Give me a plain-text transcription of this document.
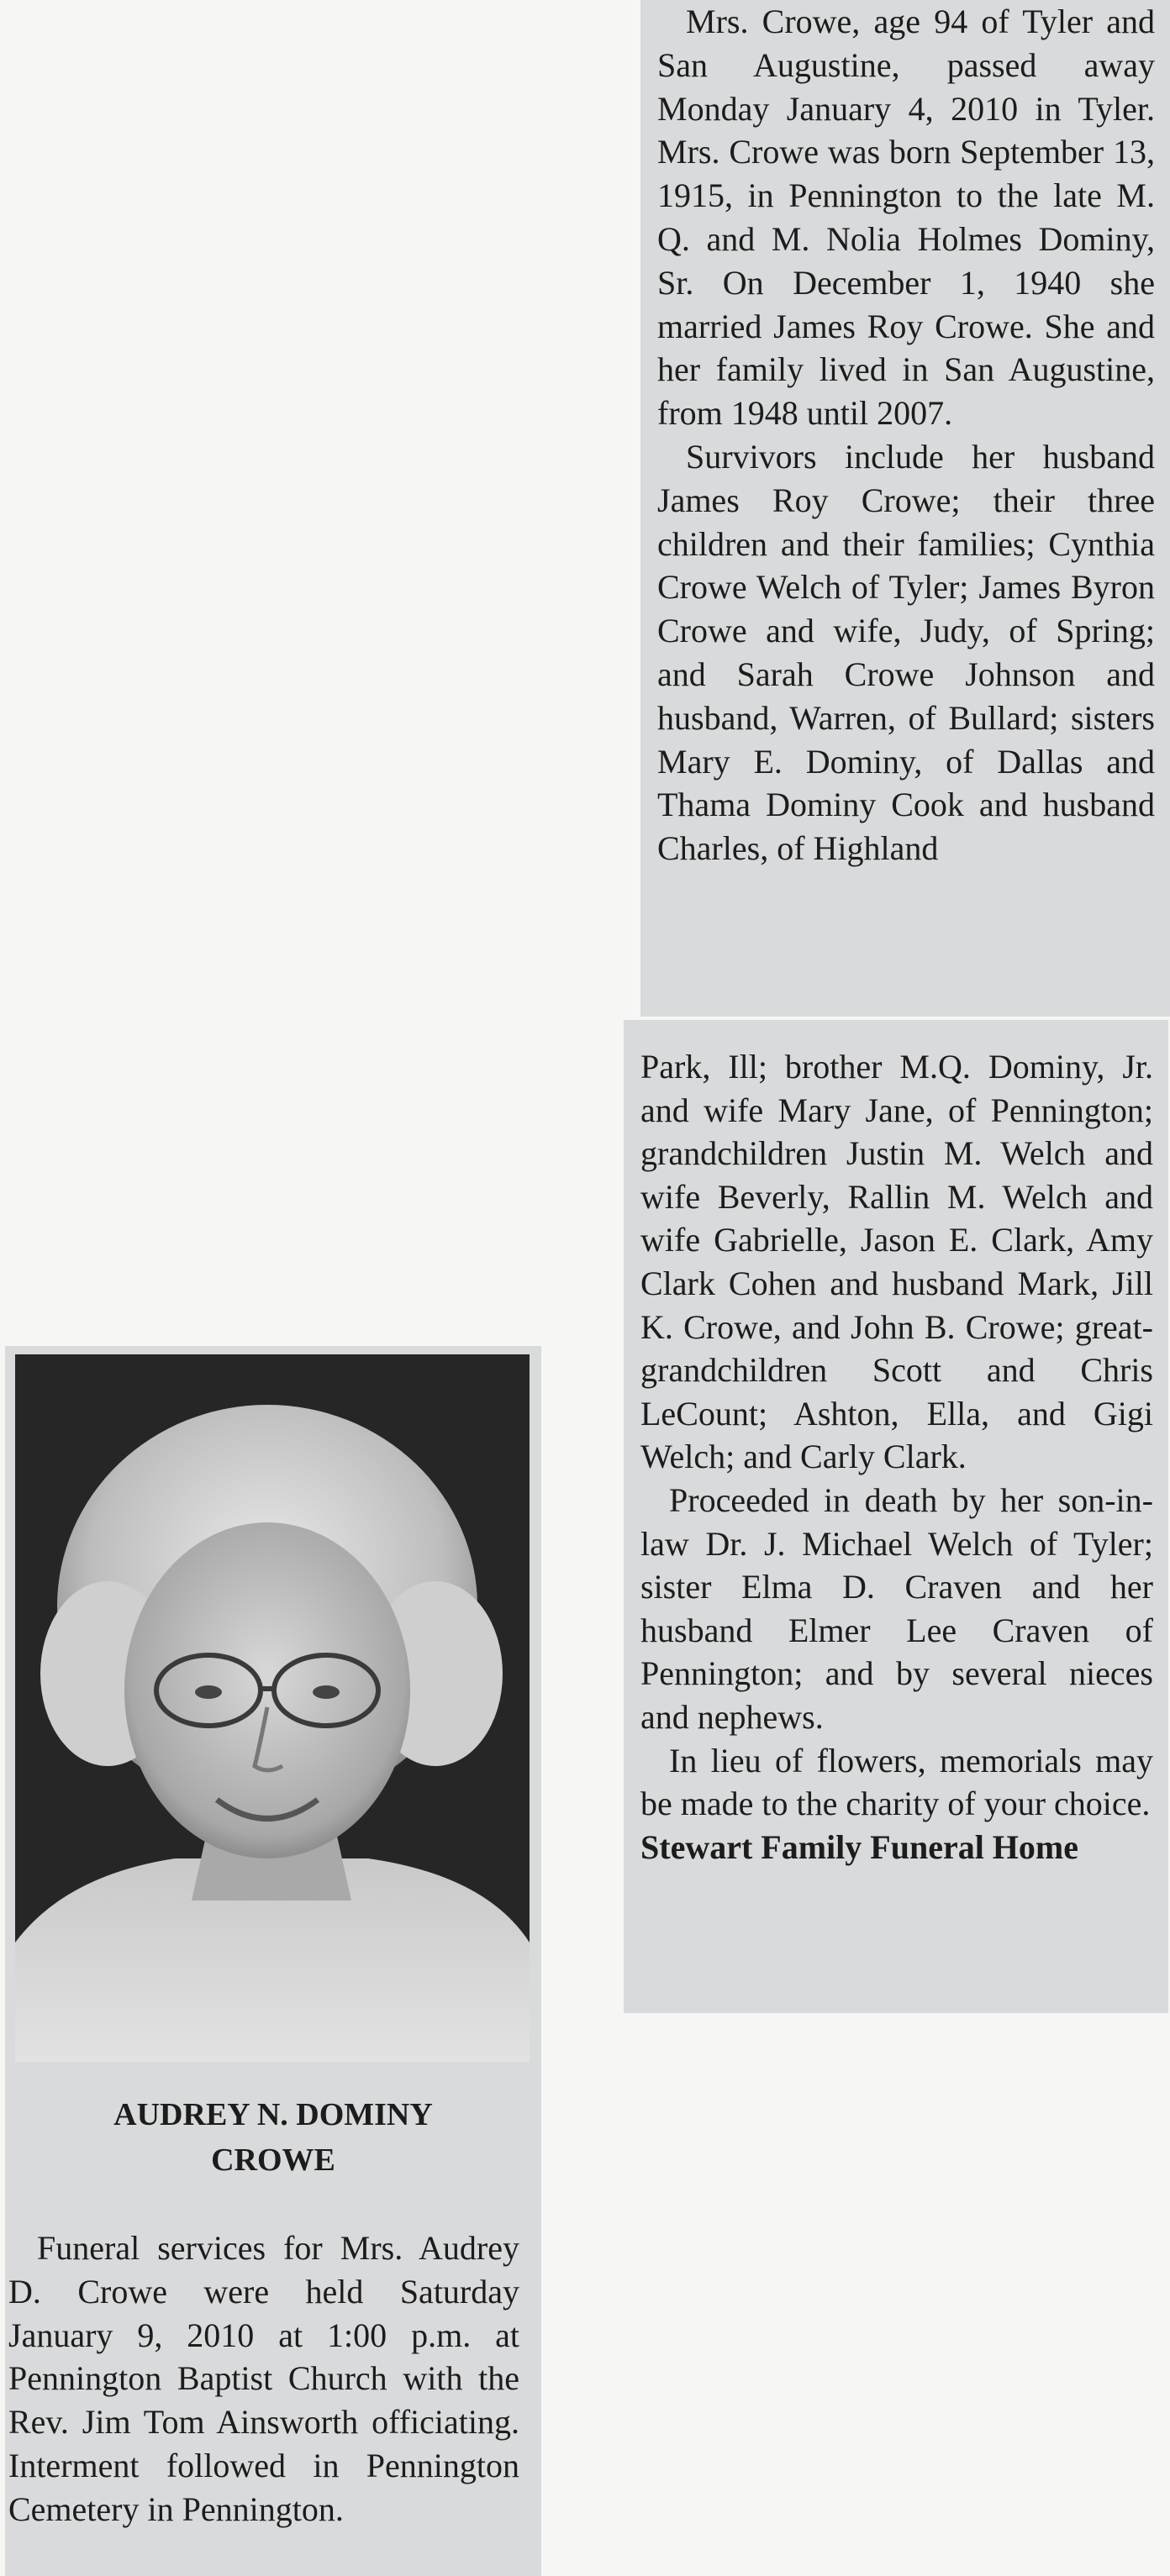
Mrs. Crowe, age 94 of Tyler and San Augustine, passed away Monday January 4, 2010 in Tyler. Mrs. Crowe was born September 13, 1915, in Pennington to the late M. Q. and M. Nolia Holmes Dominy, Sr. On December 1, 1940 she married James Roy Crowe. She and her family lived in San Augustine, from 1948 until 2007.

Survivors include her husband James Roy Crowe; their three children and their families; Cynthia Crowe Welch of Tyler; James Byron Crowe and wife, Judy, of Spring; and Sarah Crowe Johnson and husband, Warren, of Bullard; sisters Mary E. Dominy, of Dallas and Thama Dominy Cook and husband Charles, of Highland

Park, Ill; brother M.Q. Dominy, Jr. and wife Mary Jane, of Pennington; grandchildren Justin M. Welch and wife Beverly, Rallin M. Welch and wife Gabrielle, Jason E. Clark, Amy Clark Cohen and husband Mark, Jill K. Crowe, and John B. Crowe; great-grandchildren Scott and Chris LeCount; Ashton, Ella, and Gigi Welch; and Carly Clark.

Proceeded in death by her son-in-law Dr. J. Michael Welch of Tyler; sister Elma D. Craven and her husband Elmer Lee Craven of Pennington; and by several nieces and nephews.

In lieu of flowers, memorials may be made to the charity of your choice.

Stewart Family Funeral Home

AUDREY N. DOMINY
CROWE

Funeral services for Mrs. Audrey D. Crowe were held Saturday January 9, 2010 at 1:00 p.m. at Pennington Baptist Church with the Rev. Jim Tom Ainsworth officiating. Interment followed in Pennington Cemetery in Pennington.
